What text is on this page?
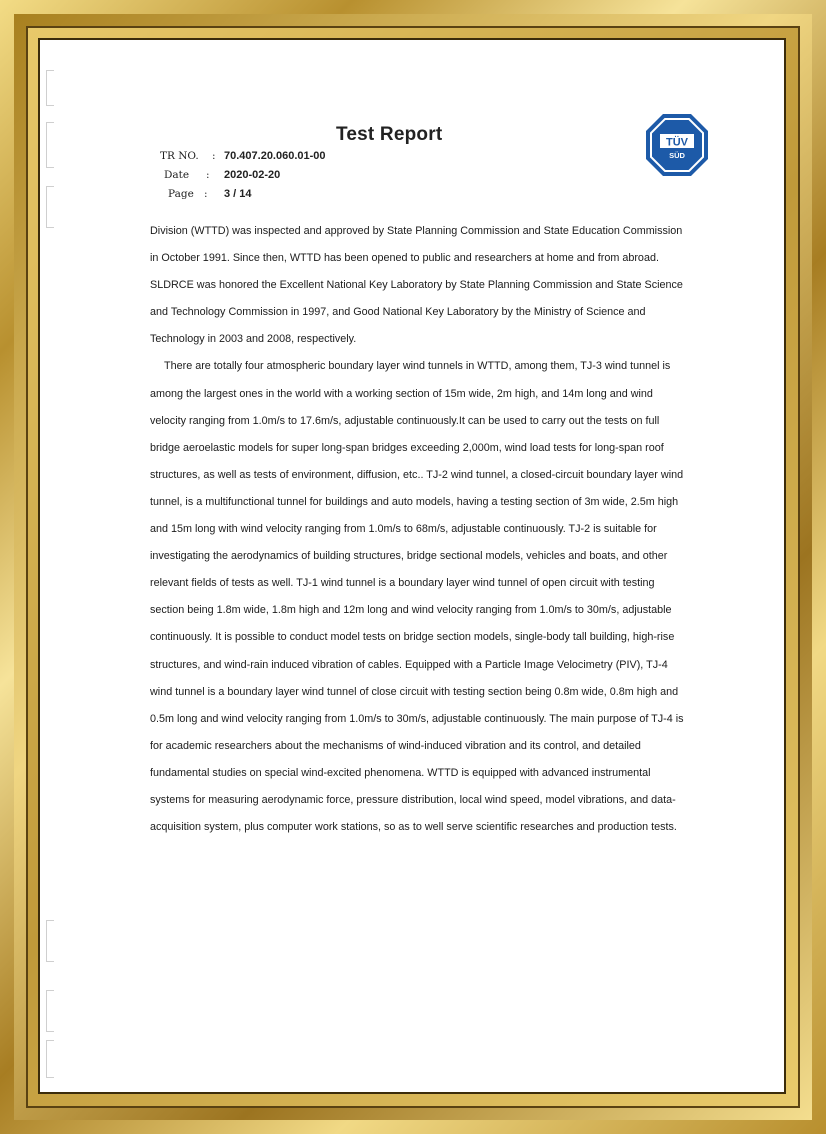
Test Report
TR NO. : 70.407.20.060.01-00
Date : 2020-02-20
Page : 3 / 14
TÜV
SÜD

Division (WTTD) was inspected and approved by State Planning Commission and State Education Commission in October 1991. Since then, WTTD has been opened to public and researchers at home and from abroad. SLDRCE was honored the Excellent National Key Laboratory by State Planning Commission and State Science and Technology Commission in 1997, and Good National Key Laboratory by the Ministry of Science and Technology in 2003 and 2008, respectively.

There are totally four atmospheric boundary layer wind tunnels in WTTD, among them, TJ-3 wind tunnel is among the largest ones in the world with a working section of 15m wide, 2m high, and 14m long and wind velocity ranging from 1.0m/s to 17.6m/s, adjustable continuously.It can be used to carry out the tests on full bridge aeroelastic models for super long-span bridges exceeding 2,000m, wind load tests for long-span roof structures, as well as tests of environment, diffusion, etc.. TJ-2 wind tunnel, a closed-circuit boundary layer wind tunnel, is a multifunctional tunnel for buildings and auto models, having a testing section of 3m wide, 2.5m high and 15m long with wind velocity ranging from 1.0m/s to 68m/s, adjustable continuously. TJ-2 is suitable for investigating the aerodynamics of building structures, bridge sectional models, vehicles and boats, and other relevant fields of tests as well. TJ-1 wind tunnel is a boundary layer wind tunnel of open circuit with testing section being 1.8m wide, 1.8m high and 12m long and wind velocity ranging from 1.0m/s to 30m/s, adjustable continuously. It is possible to conduct model tests on bridge section models, single-body tall building, high-rise structures, and wind-rain induced vibration of cables. Equipped with a Particle Image Velocimetry (PIV), TJ-4 wind tunnel is a boundary layer wind tunnel of close circuit with testing section being 0.8m wide, 0.8m high and 0.5m long and wind velocity ranging from 1.0m/s to 30m/s, adjustable continuously. The main purpose of TJ-4 is for academic researchers about the mechanisms of wind-induced vibration and its control, and detailed fundamental studies on special wind-excited phenomena. WTTD is equipped with advanced instrumental systems for measuring aerodynamic force, pressure distribution, local wind speed, model vibrations, and data-acquisition system, plus computer work stations, so as to well serve scientific researches and production tests.
